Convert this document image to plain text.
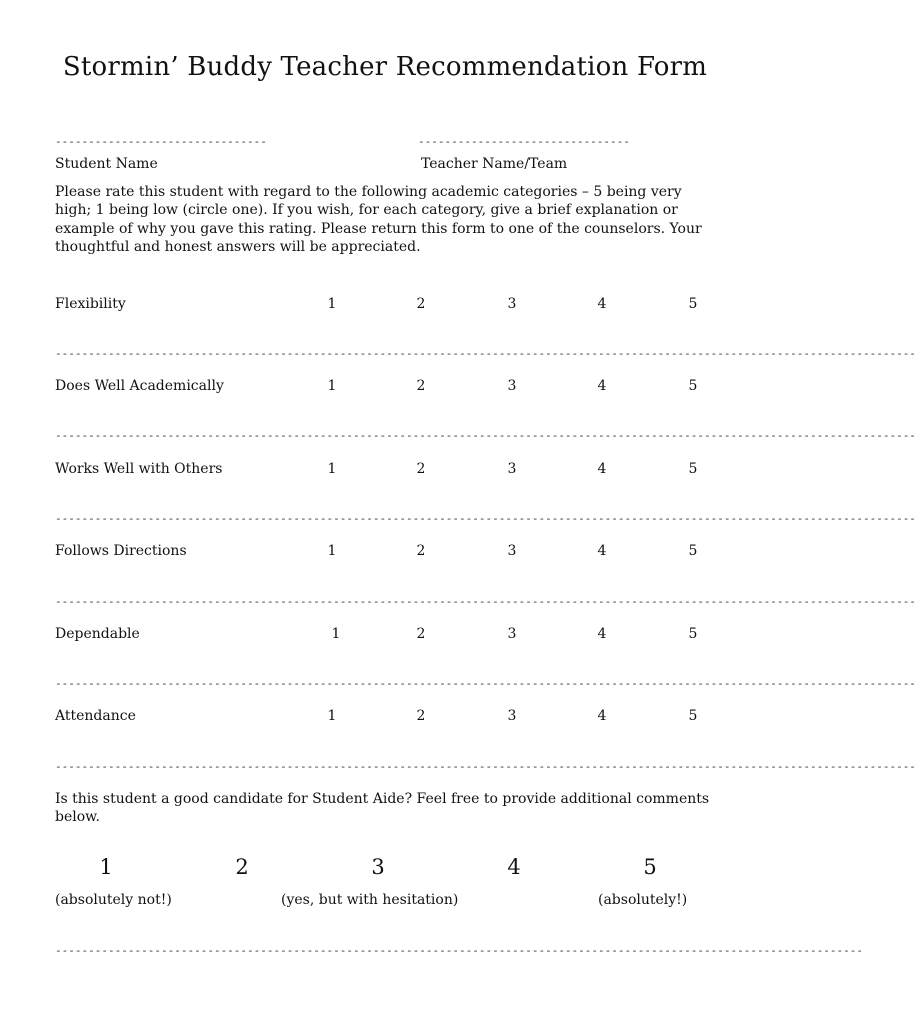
Stormin’ Buddy Teacher Recommendation Form
--------------------------------	--------------------------------
Student Name	Teacher Name/Team
Please rate this student with regard to the following academic categories – 5 being very high; 1 being low (circle one). If you wish, for each category, give a brief explanation or example of why you gave this rating. Please return this form to one of the counselors. Your thoughtful and honest answers will be appreciated.
Flexibility	1	2	3	4	5
----------------------------------------------------------------------------------------------------------------------------------
Does Well Academically	1	2	3	4	5
----------------------------------------------------------------------------------------------------------------------------------
Works Well with Others	1	2	3	4	5
----------------------------------------------------------------------------------------------------------------------------------
Follows Directions	1	2	3	4	5
----------------------------------------------------------------------------------------------------------------------------------
Dependable	1	2	3	4	5
----------------------------------------------------------------------------------------------------------------------------------
Attendance	1	2	3	4	5
----------------------------------------------------------------------------------------------------------------------------------
Is this student a good candidate for Student Aide? Feel free to provide additional comments below.
1	2	3	4	5
(absolutely not!)	(yes, but with hesitation)	(absolutely!)
--------------------------------------------------------------------------------------------------------------------------
